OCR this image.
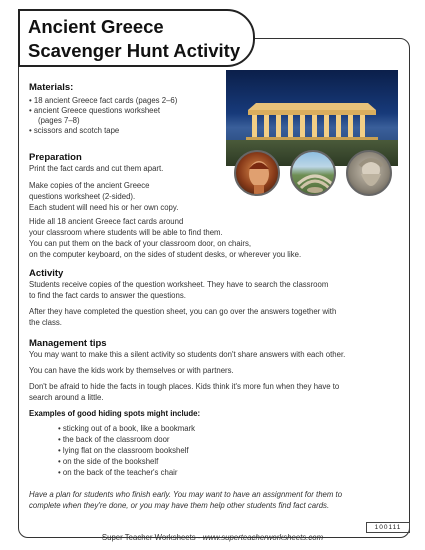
Ancient Greece
Scavenger Hunt Activity
Materials:
• 18 ancient Greece fact cards (pages 2–6)
• ancient Greece questions worksheet
(pages 7–8)
• scissors and scotch tape
Preparation
Print the fact cards and cut them apart.
Make copies of the ancient Greece
questions worksheet (2-sided).
Each student will need his or her own copy.
Hide all 18 ancient Greece fact cards around
your classroom where students will be able to find them.
You can put them on the back of your classroom door, on chairs,
on the computer keyboard, on the sides of student desks, or wherever you like.
Activity
Students receive copies of the question worksheet. They have to search the classroom
to find the fact cards to answer the questions.
After they have completed the question sheet, you can go over the answers together with
the class.
Management tips
You may want to make this a silent activity so students don't share answers with each other.
You can have the kids work by themselves or with partners.
Don't be afraid to hide the facts in tough places. Kids think it's more fun when they have to
search around a little.
Examples of good hiding spots might include:
• sticking out of a book, like a bookmark
• the back of the classroom door
• lying flat on the classroom bookshelf
• on the side of the bookshelf
• on the back of the teacher's chair
Have a plan for students who finish early. You may want to have an assignment for them to
complete when they're done, or you may have them help other students find fact cards.
100111
Super Teacher Worksheets - www.superteacherworksheets.com
